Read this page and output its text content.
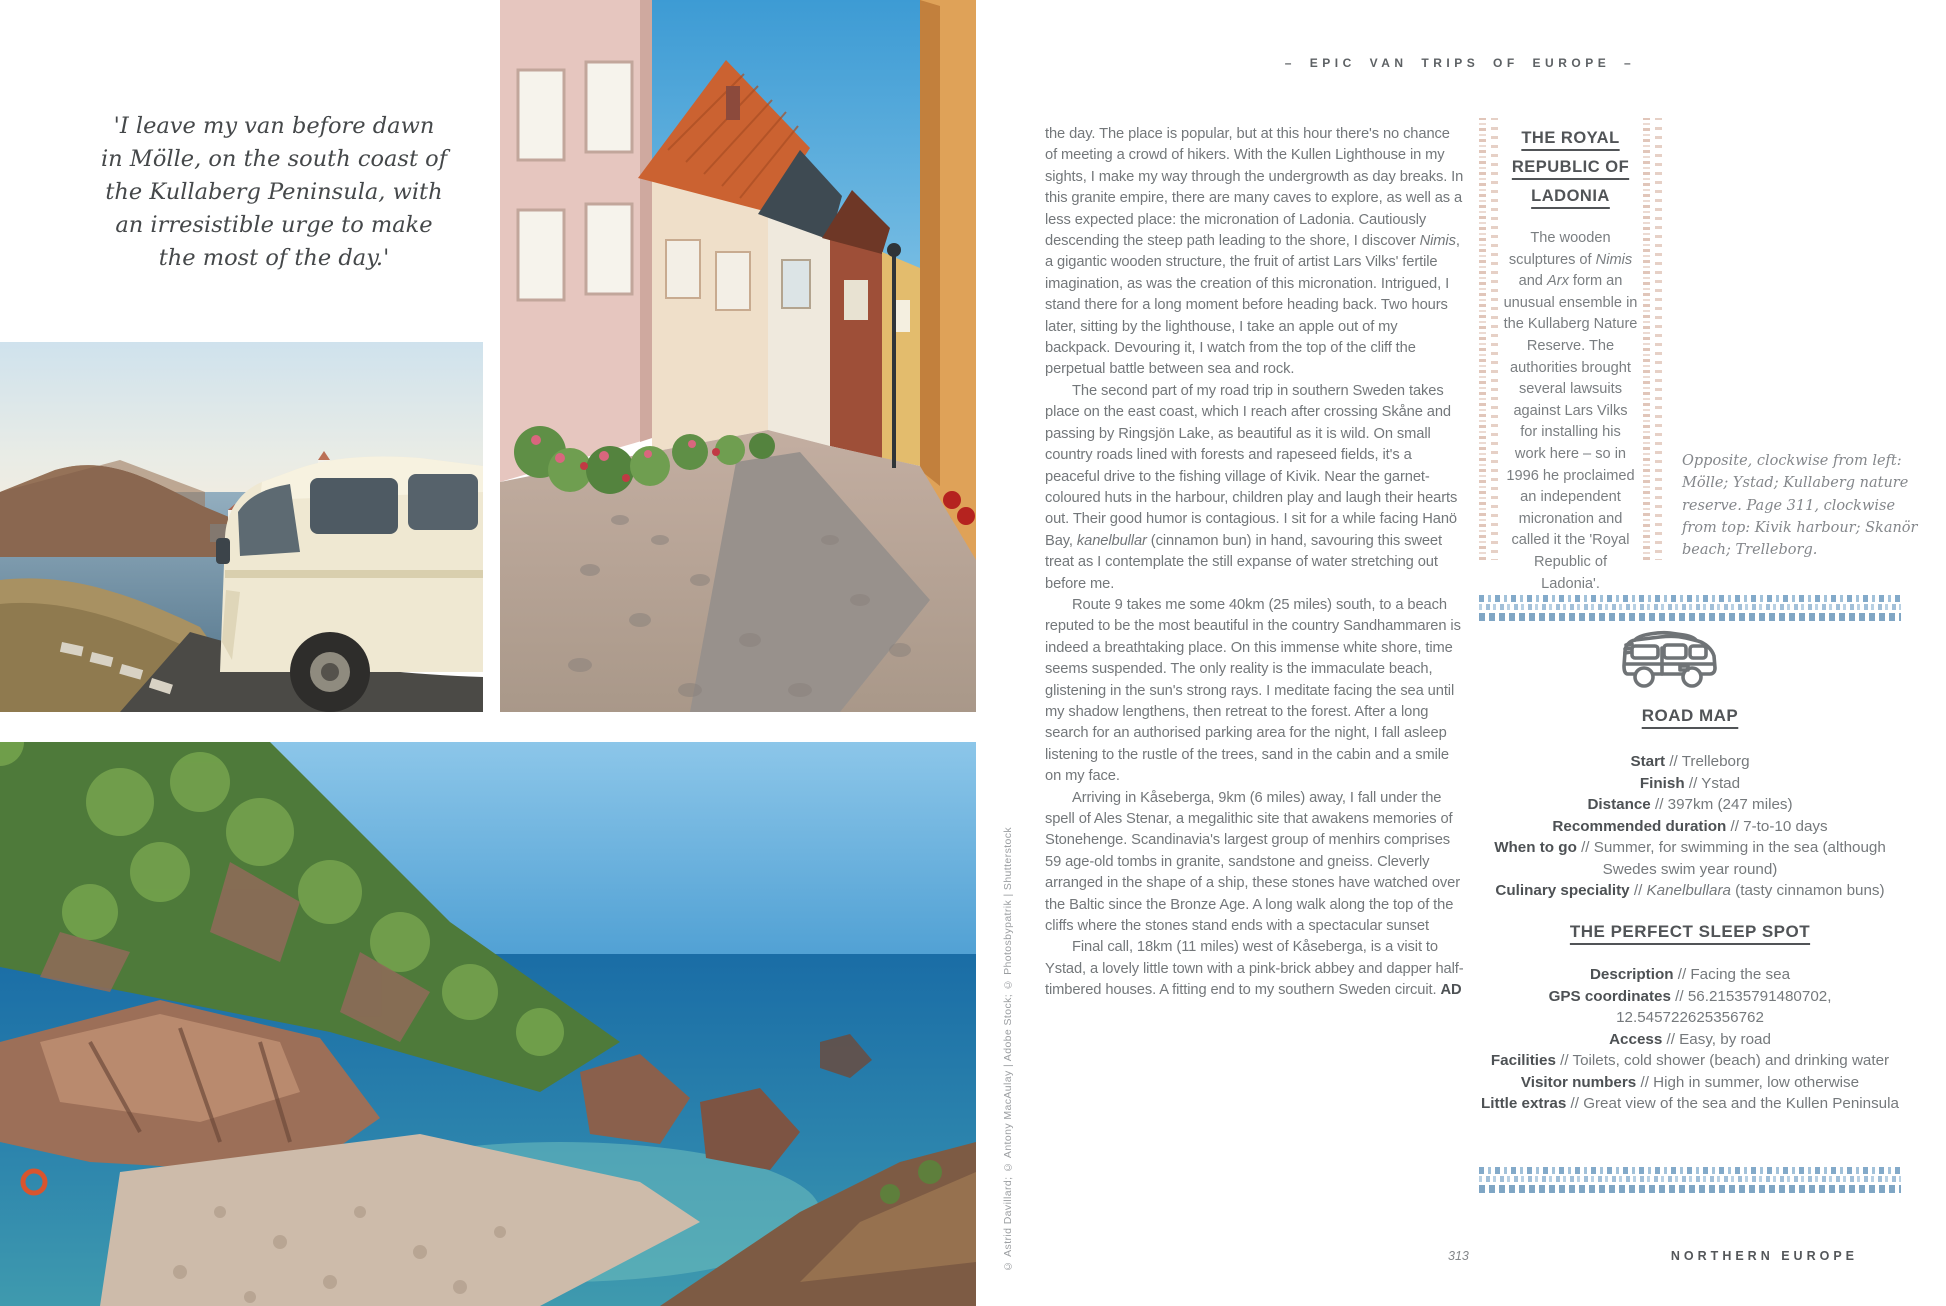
– EPIC VAN TRIPS OF EUROPE –
'I leave my van before dawn in Mölle, on the south coast of the Kullaberg Peninsula, with an irresistible urge to make the most of the day.'
© Astrid Davillard; © Antony MacAulay | Adobe Stock; © Photosbypatrik | Shutterstock

the day. The place is popular, but at this hour there's no chance of meeting a crowd of hikers. With the Kullen Lighthouse in my sights, I make my way through the undergrowth as day breaks. In this granite empire, there are many caves to explore, as well as a less expected place: the micronation of Ladonia. Cautiously descending the steep path leading to the shore, I discover Nimis, a gigantic wooden structure, the fruit of artist Lars Vilks' fertile imagination, as was the creation of this micronation. Intrigued, I stand there for a long moment before heading back. Two hours later, sitting by the lighthouse, I take an apple out of my backpack. Devouring it, I watch from the top of the cliff the perpetual battle between sea and rock.

The second part of my road trip in southern Sweden takes place on the east coast, which I reach after crossing Skåne and passing by Ringsjön Lake, as beautiful as it is wild. On small country roads lined with forests and rapeseed fields, it's a peaceful drive to the fishing village of Kivik. Near the garnet-coloured huts in the harbour, children play and laugh their hearts out. Their good humor is contagious. I sit for a while facing Hanö Bay, kanelbullar (cinnamon bun) in hand, savouring this sweet treat as I contemplate the still expanse of water stretching out before me.

Route 9 takes me some 40km (25 miles) south, to a beach reputed to be the most beautiful in the country Sandhammaren is indeed a breathtaking place. On this immense white shore, time seems suspended. The only reality is the immaculate beach, glistening in the sun's strong rays. I meditate facing the sea until my shadow lengthens, then retreat to the forest. After a long search for an authorised parking area for the night, I fall asleep listening to the rustle of the trees, sand in the cabin and a smile on my face.

Arriving in Kåseberga, 9km (6 miles) away, I fall under the spell of Ales Stenar, a megalithic site that awakens memories of Stonehenge. Scandinavia's largest group of menhirs comprises 59 age-old tombs in granite, sandstone and gneiss. Cleverly arranged in the shape of a ship, these stones have watched over the Baltic since the Bronze Age. A long walk along the top of the cliffs where the stones stand ends with a spectacular sunset

Final call, 18km (11 miles) west of Kåseberga, is a visit to Ystad, a lovely little town with a pink-brick abbey and dapper half-timbered houses. A fitting end to my southern Sweden circuit. AD

THE ROYAL REPUBLIC OF LADONIA
The wooden sculptures of Nimis and Arx form an unusual ensemble in the Kullaberg Nature Reserve. The authorities brought several lawsuits against Lars Vilks for installing his work here – so in 1996 he proclaimed an independent micronation and called it the 'Royal Republic of Ladonia'.
Opposite, clockwise from left: Mölle; Ystad; Kullaberg nature reserve. Page 311, clockwise from top: Kivik harbour; Skanör beach; Trelleborg.
ROAD MAP
Start // Trelleborg
Finish // Ystad
Distance // 397km (247 miles)
Recommended duration // 7-to-10 days
When to go // Summer, for swimming in the sea (although Swedes swim year round)
Culinary speciality // Kanelbullara (tasty cinnamon buns)
THE PERFECT SLEEP SPOT
Description // Facing the sea
GPS coordinates // 56.21535791480702, 12.545722625356762
Access // Easy, by road
Facilities // Toilets, cold shower (beach) and drinking water
Visitor numbers // High in summer, low otherwise
Little extras // Great view of the sea and the Kullen Peninsula
313	NORTHERN EUROPE
